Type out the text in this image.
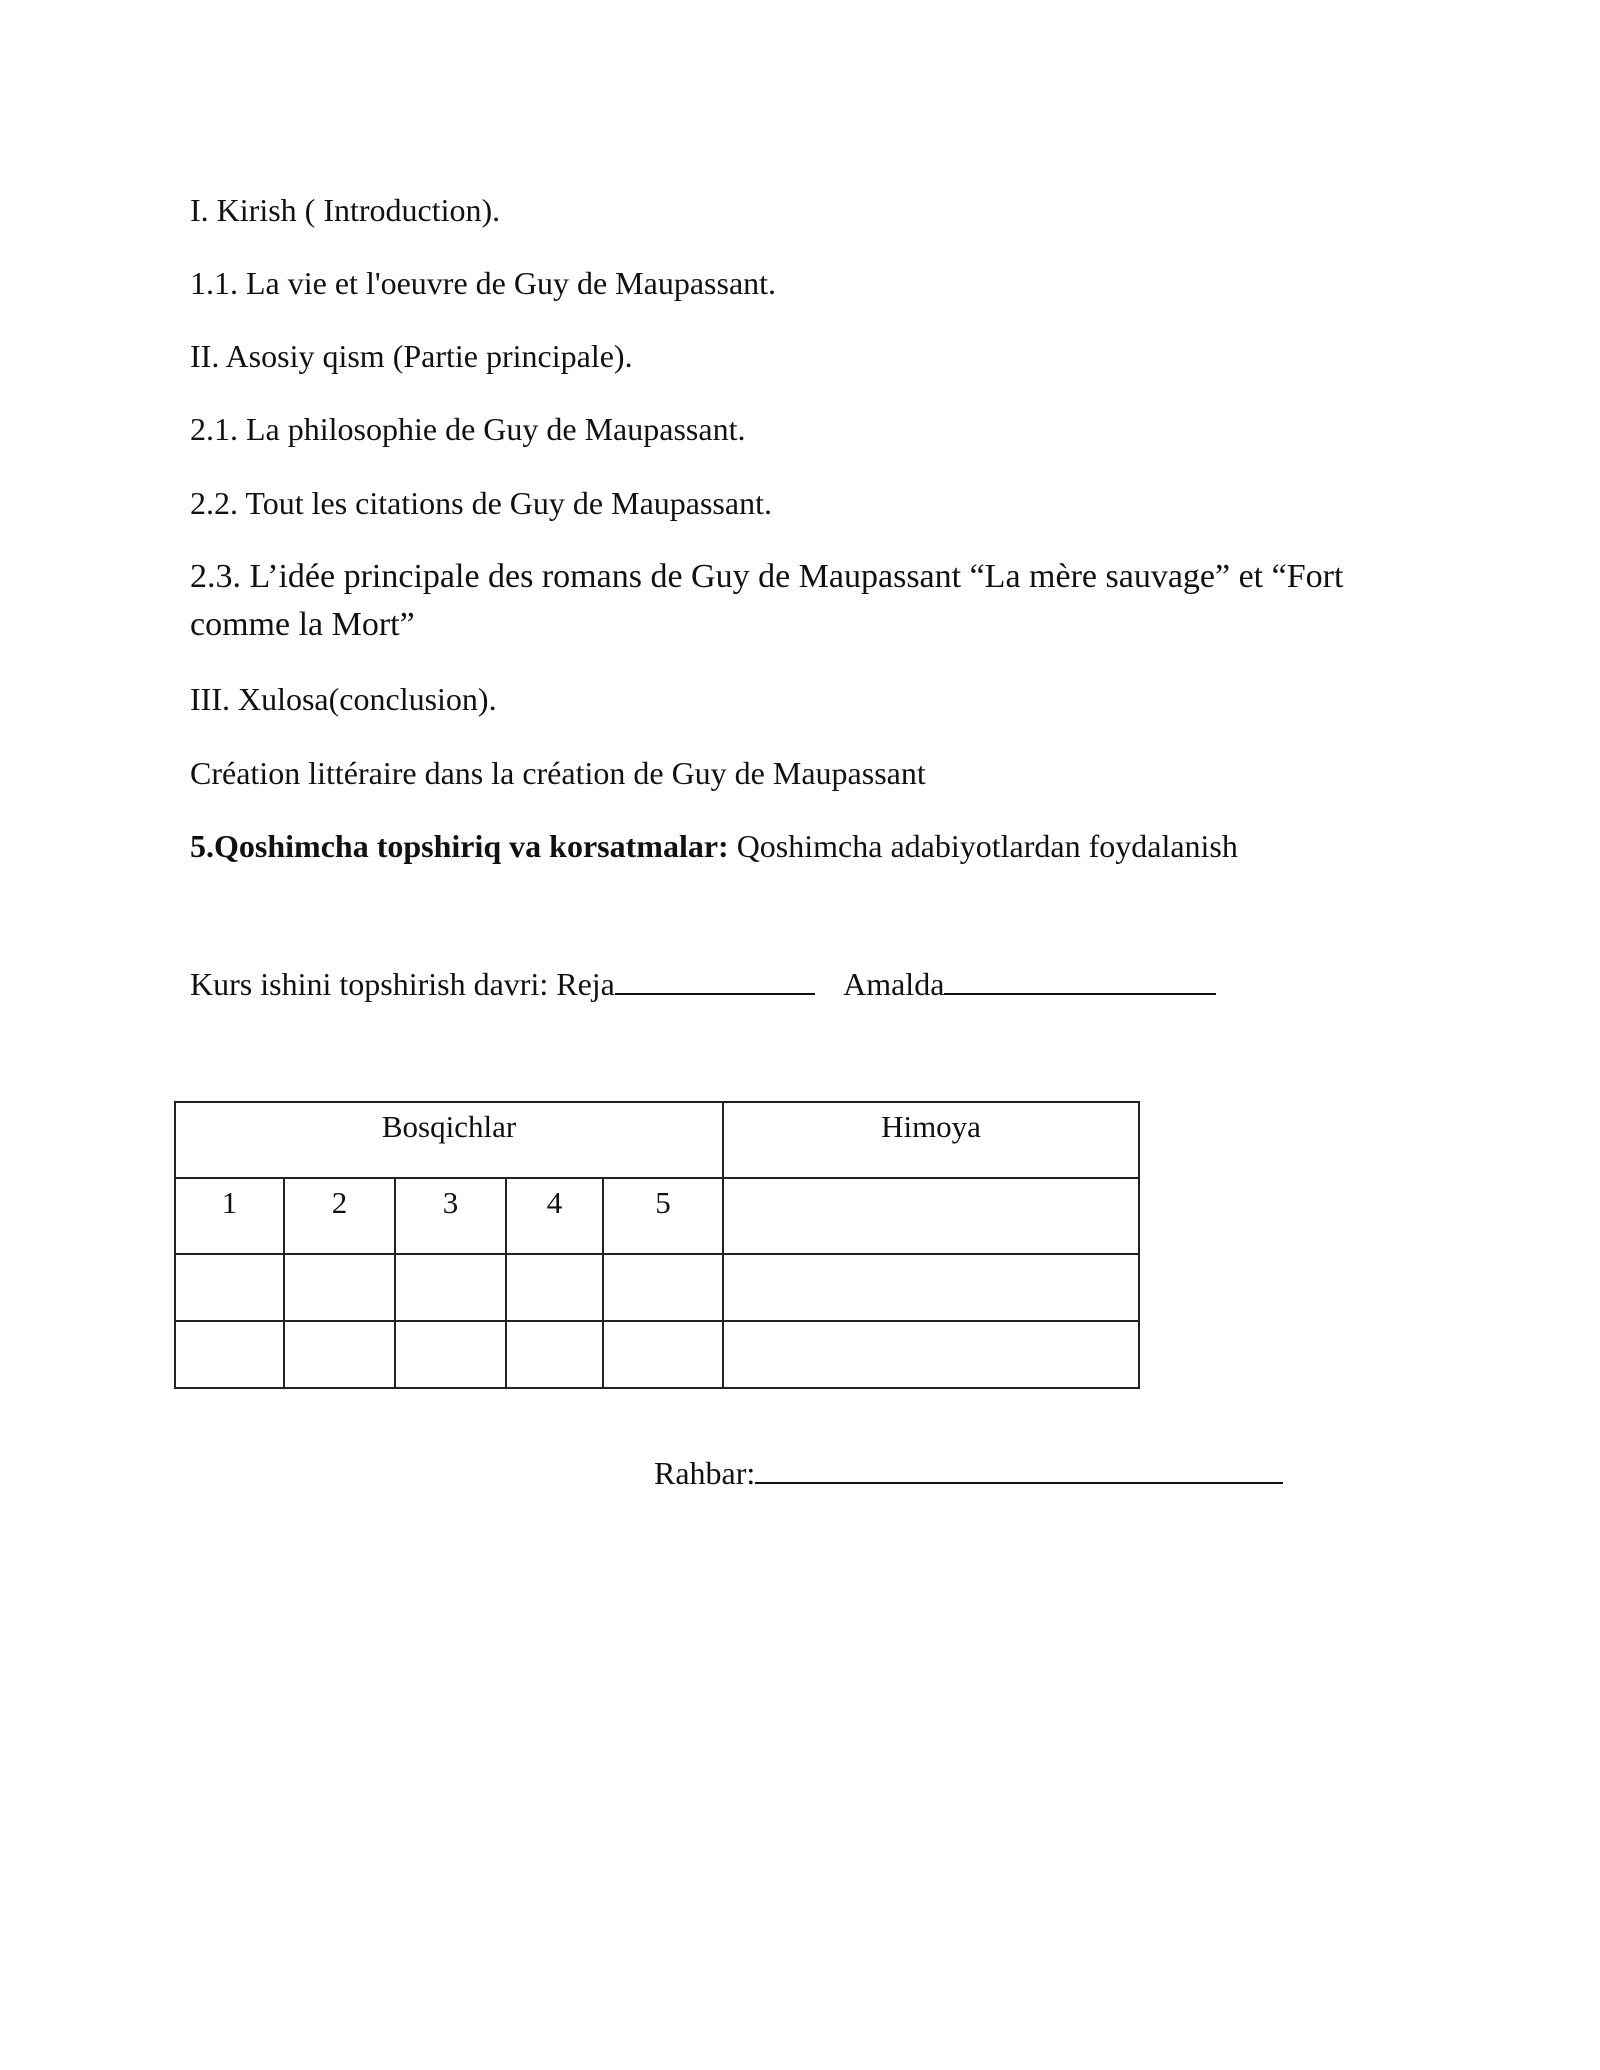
I. Kirish ( Introduction).
1.1. La vie et l'oeuvre de Guy de Maupassant.
II. Asosiy qism (Partie principale).
2.1. La philosophie de Guy de Maupassant.
2.2. Tout les citations de Guy de Maupassant.
2.3. L’idée principale des romans de Guy de Maupassant “La mère sauvage” et “Fort comme la Mort”
III. Xulosa(conclusion).
Création littéraire dans la création de Guy de Maupassant
5.Qoshimcha topshiriq va korsatmalar: Qoshimcha adabiyotlardan foydalanish
Kurs ishini topshirish davri: Reja	Amalda
Bosqichlar					Himoya
1	2	3	4	5	

Rahbar:
